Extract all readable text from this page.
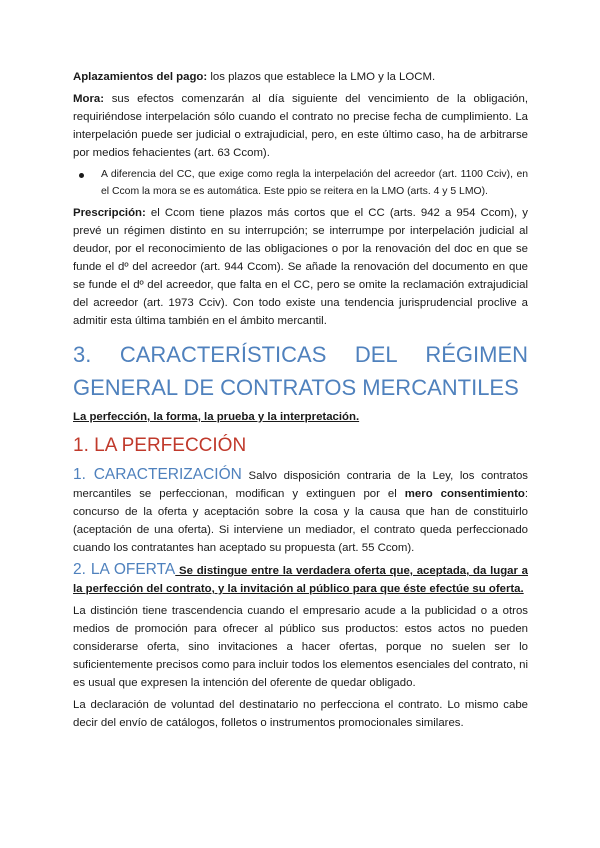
Aplazamientos del pago: los plazos que establece la LMO y la LOCM.

Mora: sus efectos comenzarán al día siguiente del vencimiento de la obligación, requiriéndose interpelación sólo cuando el contrato no precise fecha de cumplimiento. La interpelación puede ser judicial o extrajudicial, pero, en este último caso, ha de arbitrarse por medios fehacientes (art. 63 Ccom).

A diferencia del CC, que exige como regla la interpelación del acreedor (art. 1100 Cciv), en el Ccom la mora se es automática. Este ppio se reitera en la LMO (arts. 4 y 5 LMO).

Prescripción: el Ccom tiene plazos más cortos que el CC (arts. 942 a 954 Ccom), y prevé un régimen distinto en su interrupción; se interrumpe por interpelación judicial al deudor, por el reconocimiento de las obligaciones o por la renovación del doc en que se funde el dº del acreedor (art. 944 Ccom). Se añade la renovación del documento en que se funde el dº del acreedor, que falta en el CC, pero se omite la reclamación extrajudicial del acreedor (art. 1973 Cciv). Con todo existe una tendencia jurisprudencial proclive a admitir esta última también en el ámbito mercantil.

3. CARACTERÍSTICAS DEL RÉGIMEN
GENERAL DE CONTRATOS MERCANTILES

La perfección, la forma, la prueba y la interpretación.

1. LA PERFECCIÓN

1. CARACTERIZACIÓN Salvo disposición contraria de la Ley, los contratos mercantiles se perfeccionan, modifican y extinguen por el mero consentimiento: concurso de la oferta y aceptación sobre la cosa y la causa que han de constituirlo (aceptación de una oferta). Si interviene un mediador, el contrato queda perfeccionado cuando los contratantes han aceptado su propuesta (art. 55 Ccom).

2. LA OFERTA Se distingue entre la verdadera oferta que, aceptada, da lugar a la perfección del contrato, y la invitación al público para que éste efectúe su oferta.

La distinción tiene trascendencia cuando el empresario acude a la publicidad o a otros medios de promoción para ofrecer al público sus productos: estos actos no pueden considerarse oferta, sino invitaciones a hacer ofertas, porque no suelen ser lo suficientemente precisos como para incluir todos los elementos esenciales del contrato, ni es usual que expresen la intención del oferente de quedar obligado.

La declaración de voluntad del destinatario no perfecciona el contrato. Lo mismo cabe decir del envío de catálogos, folletos o instrumentos promocionales similares.
